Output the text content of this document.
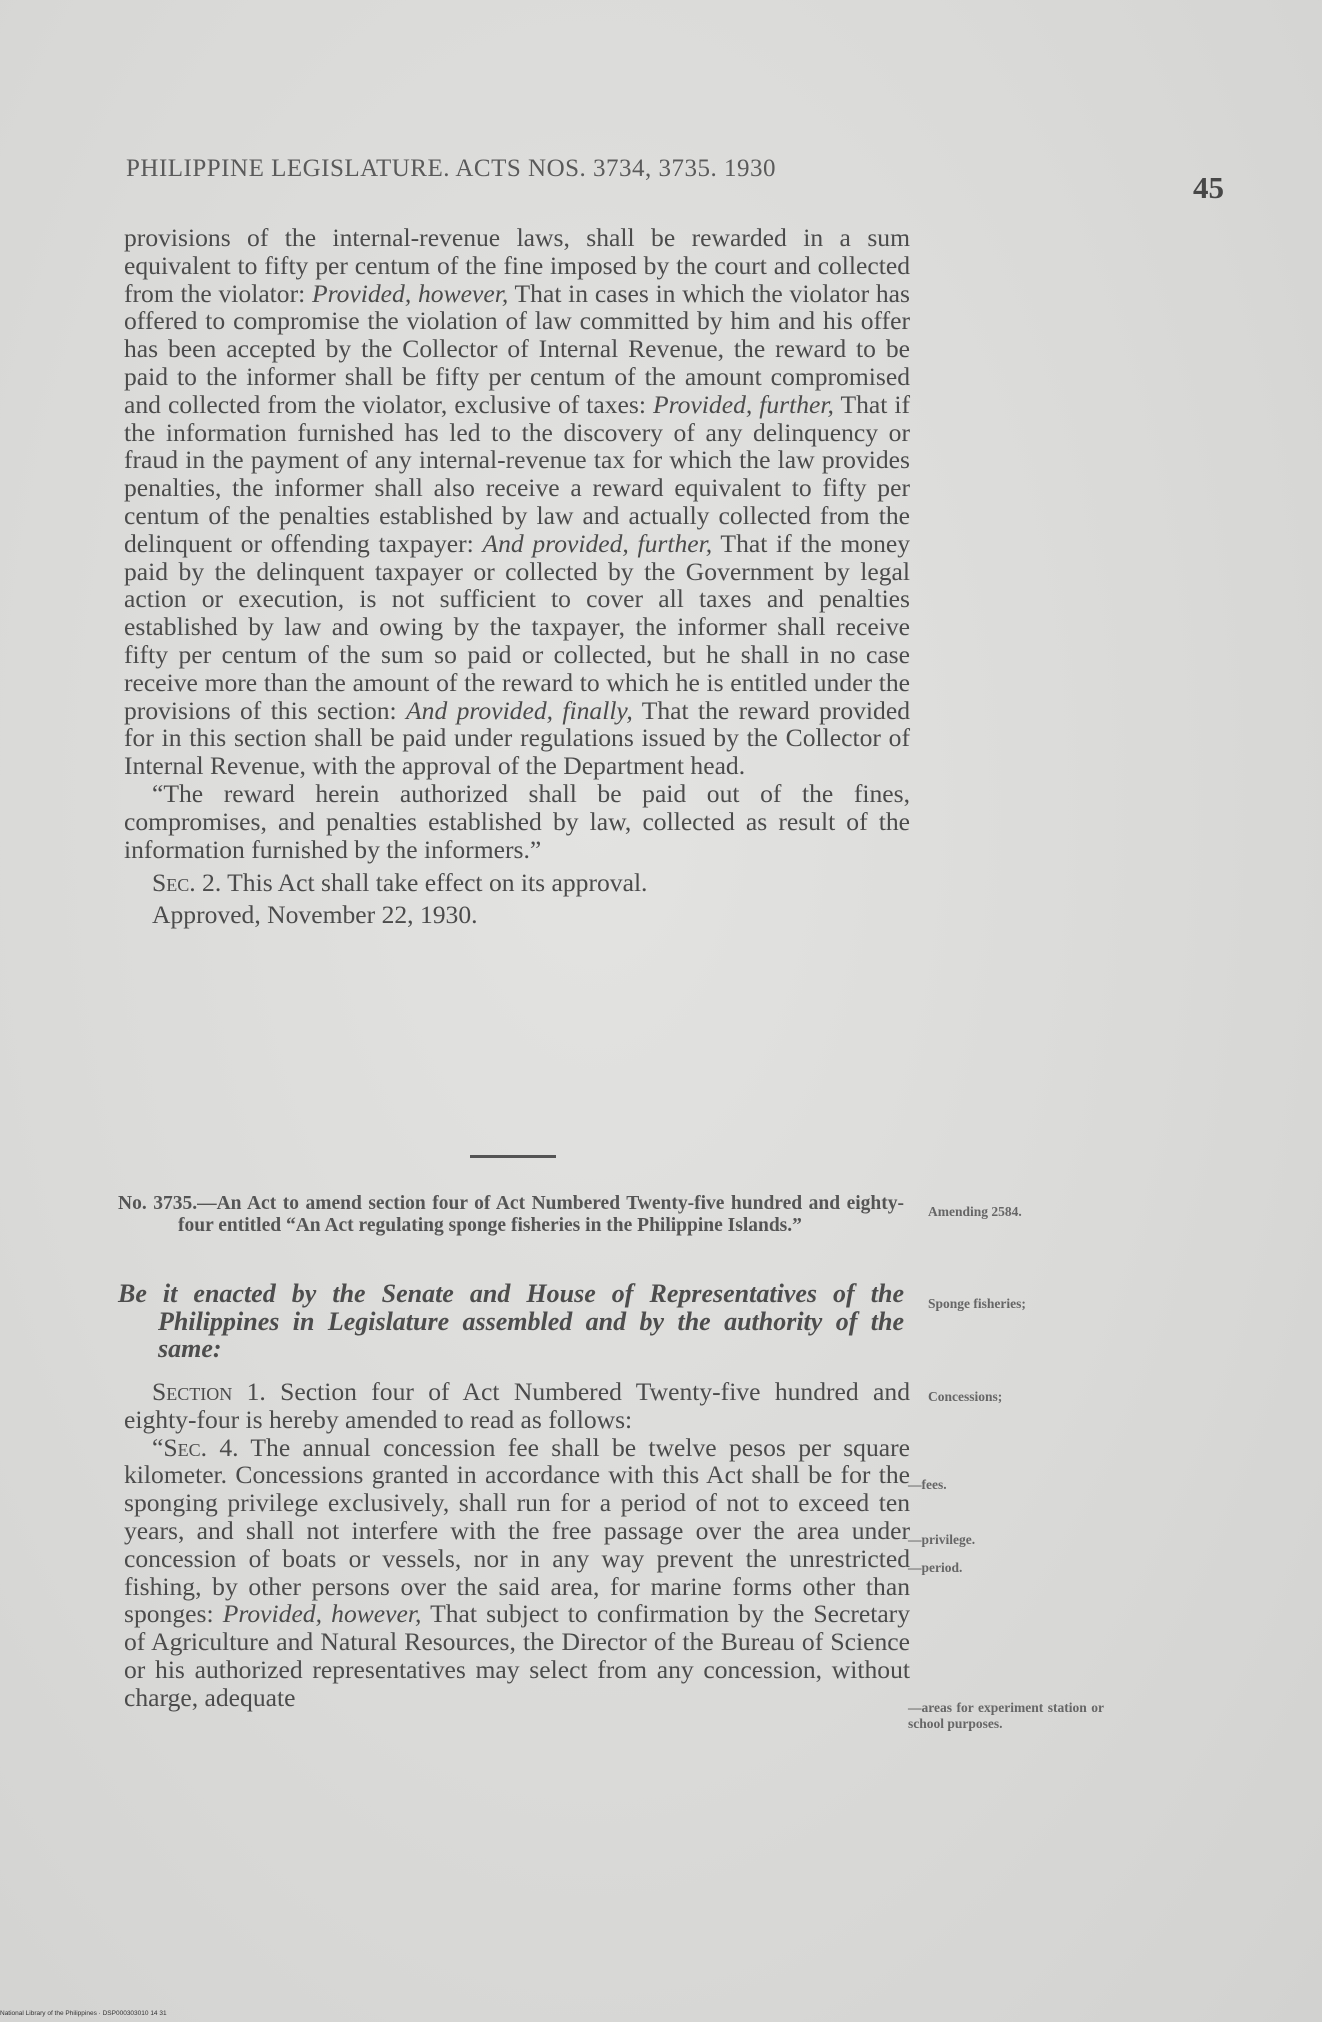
PHILIPPINE LEGISLATURE. ACTS NOS. 3734, 3735. 1930
45

provisions of the internal-revenue laws, shall be rewarded in a sum equivalent to fifty per centum of the fine imposed by the court and collected from the violator: Provided, however, That in cases in which the violator has offered to compromise the violation of law committed by him and his offer has been accepted by the Collector of Internal Revenue, the reward to be paid to the informer shall be fifty per centum of the amount compromised and collected from the violator, exclusive of taxes: Provided, further, That if the information furnished has led to the discovery of any delinquency or fraud in the payment of any internal-revenue tax for which the law provides penalties, the informer shall also receive a reward equivalent to fifty per centum of the penalties established by law and actually collected from the delinquent or offending taxpayer: And provided, further, That if the money paid by the delinquent taxpayer or collected by the Government by legal action or execution, is not sufficient to cover all taxes and penalties established by law and owing by the taxpayer, the informer shall receive fifty per centum of the sum so paid or collected, but he shall in no case receive more than the amount of the reward to which he is entitled under the provisions of this section: And provided, finally, That the reward provided for in this section shall be paid under regulations issued by the Collector of Internal Revenue, with the approval of the Department head.

“The reward herein authorized shall be paid out of the fines, compromises, and penalties established by law, collected as result of the information furnished by the informers.”

Sec. 2. This Act shall take effect on its approval.

Approved, November 22, 1930.

No. 3735.—An Act to amend section four of Act Numbered Twenty-five hundred and eighty-four entitled “An Act regulating sponge fisheries in the Philippine Islands.”
Be it enacted by the Senate and House of Representatives of the Philippines in Legislature assembled and by the authority of the same:

Section 1. Section four of Act Numbered Twenty-five hundred and eighty-four is hereby amended to read as follows:

“Sec. 4. The annual concession fee shall be twelve pesos per square kilometer. Concessions granted in accordance with this Act shall be for the sponging privilege exclusively, shall run for a period of not to exceed ten years, and shall not interfere with the free passage over the area under concession of boats or vessels, nor in any way prevent the unrestricted fishing, by other persons over the said area, for marine forms other than sponges: Provided, however, That subject to confirmation by the Secretary of Agriculture and Natural Resources, the Director of the Bureau of Science or his authorized representatives may select from any concession, without charge, adequate

Amending 2584.
Sponge fisheries;
Concessions;
—fees.
—privilege.
—period.
—areas for experiment station or school purposes.
National Library of the Philippines · DSP000303010 14 31
